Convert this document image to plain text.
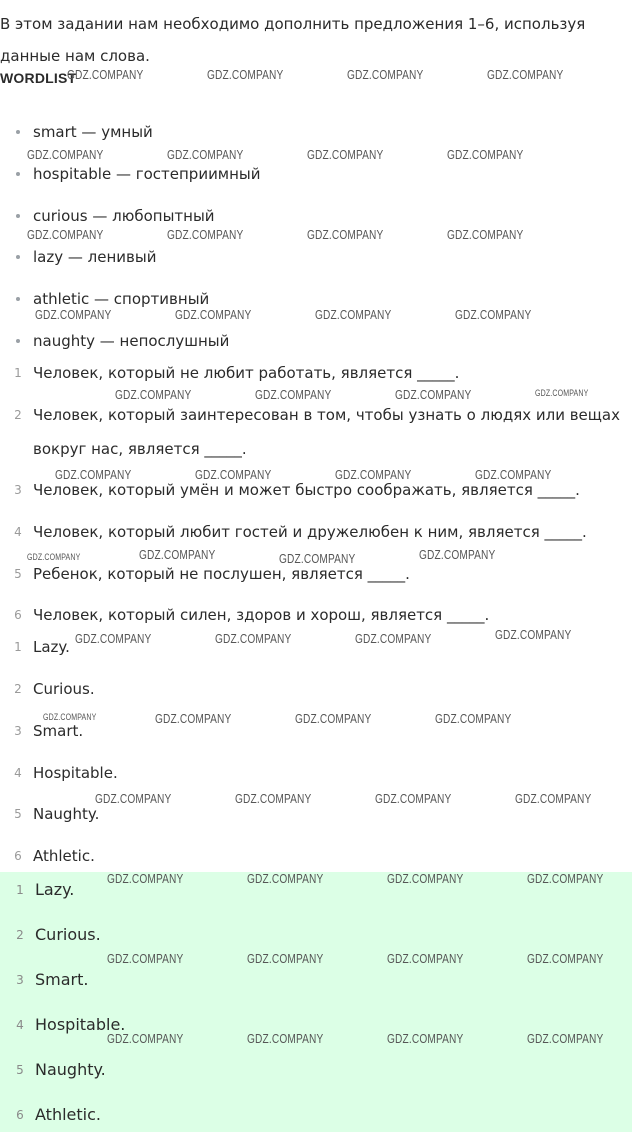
В этом задании нам необходимо дополнить предложения 1–6, используя данные нам слова.
WORDLIST
smart — умный
hospitable — гостеприимный
curious — любопытный
lazy — ленивый
athletic — спортивный
naughty — непослушный
1 Человек, который не любит работать, является _____.
2 Человек, который заинтересован в том, чтобы узнать о людях или вещах
вокруг нас, является _____.
3 Человек, который умён и может быстро соображать, является _____.
4 Человек, который любит гостей и дружелюбен к ним, является _____.
5 Ребенок, который не послушен, является _____.
6 Человек, который силен, здоров и хорош, является _____.
1 Lazy.
2 Curious.
3 Smart.
4 Hospitable.
5 Naughty.
6 Athletic.
1 Lazy.
2 Curious.
3 Smart.
4 Hospitable.
5 Naughty.
6 Athletic.
GDZ.COMPANY	GDZ.COMPANY	GDZ.COMPANY	GDZ.COMPANY
GDZ.COMPANY	GDZ.COMPANY	GDZ.COMPANY	GDZ.COMPANY
GDZ.COMPANY	GDZ.COMPANY	GDZ.COMPANY	GDZ.COMPANY
GDZ.COMPANY	GDZ.COMPANY	GDZ.COMPANY	GDZ.COMPANY
GDZ.COMPANY	GDZ.COMPANY	GDZ.COMPANY	GDZ.COMPANY
GDZ.COMPANY	GDZ.COMPANY	GDZ.COMPANY	GDZ.COMPANY
GDZ.COMPANY	GDZ.COMPANY	GDZ.COMPANY	GDZ.COMPANY
GDZ.COMPANY	GDZ.COMPANY	GDZ.COMPANY	GDZ.COMPANY
GDZ.COMPANY	GDZ.COMPANY	GDZ.COMPANY	GDZ.COMPANY
GDZ.COMPANY	GDZ.COMPANY	GDZ.COMPANY	GDZ.COMPANY
GDZ.COMPANY	GDZ.COMPANY	GDZ.COMPANY	GDZ.COMPANY
GDZ.COMPANY	GDZ.COMPANY	GDZ.COMPANY	GDZ.COMPANY
GDZ.COMPANY	GDZ.COMPANY	GDZ.COMPANY	GDZ.COMPANY
